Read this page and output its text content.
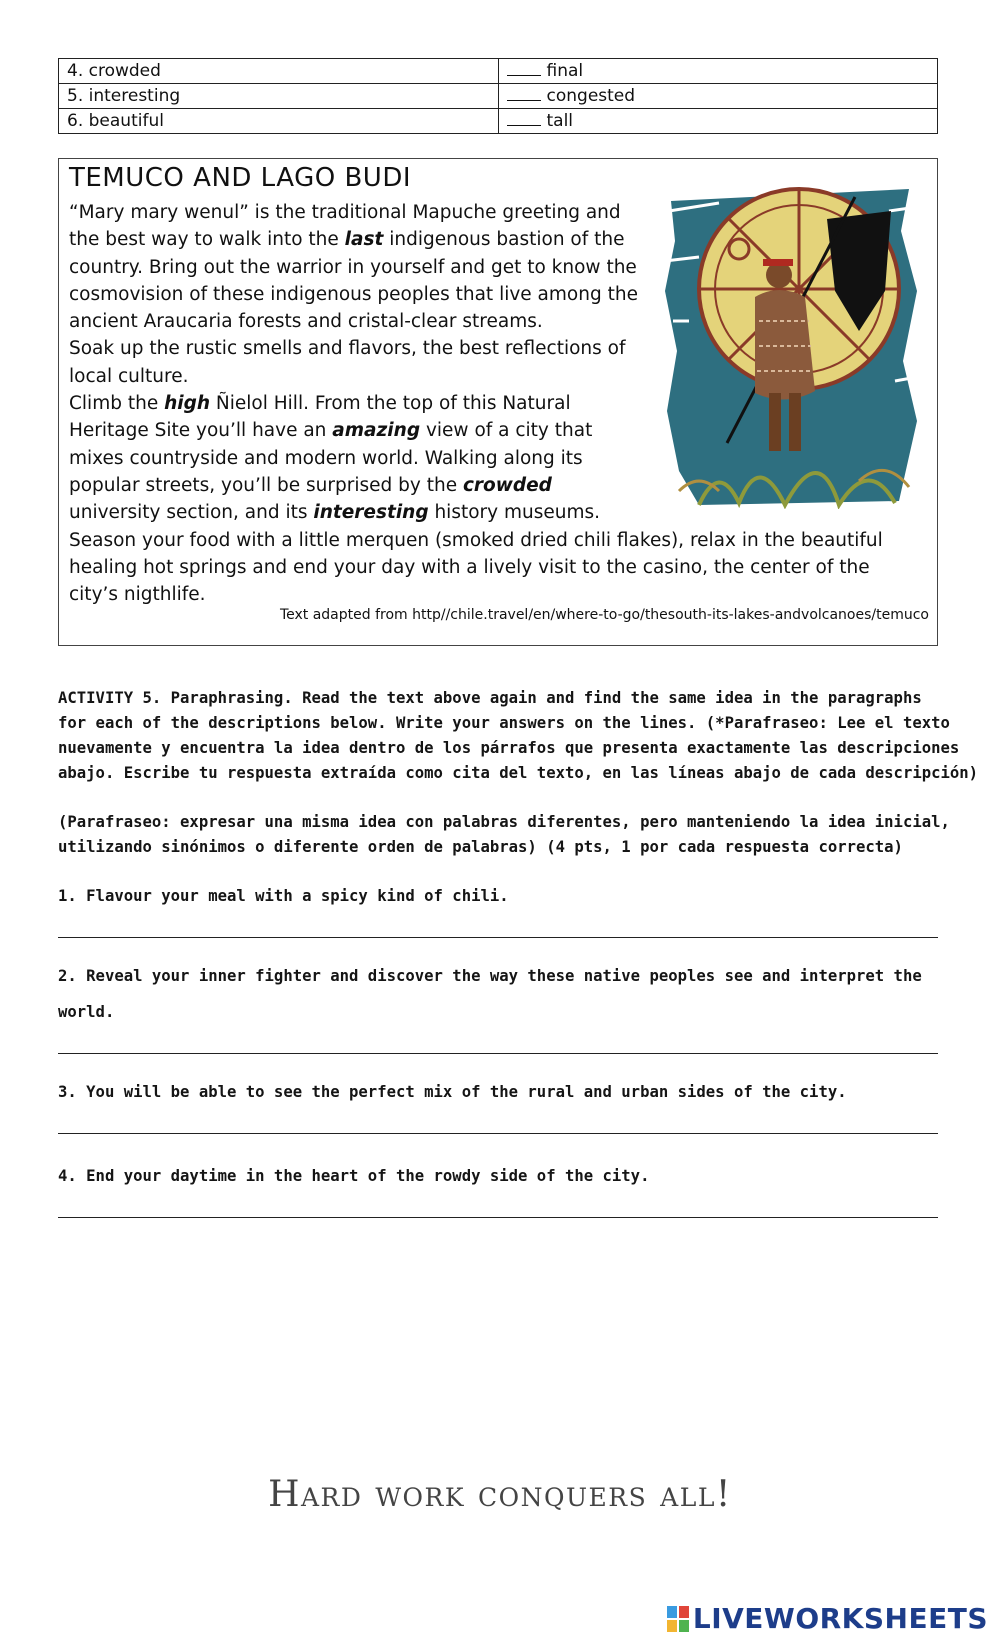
4. crowded	final
5. interesting	congested
6. beautiful	tall
TEMUCO AND LAGO BUDI

“Mary mary wenul” is the traditional Mapuche greeting and the best way to walk into the last indigenous bastion of the country. Bring out the warrior in yourself and get to know the cosmovision of these indigenous peoples that live among the ancient Araucaria forests and cristal-clear streams.

Soak up the rustic smells and flavors, the best reflections of local culture.

Climb the high Ñielol Hill. From the top of this Natural Heritage Site you’ll have an amazing view of a city that mixes countryside and modern world. Walking along its popular streets, you’ll be surprised by the crowded university section, and its interesting history museums.

Season your food with a little merquen (smoked dried chili flakes), relax in the beautiful healing hot springs and end your day with a lively visit to the casino, the center of the city’s nigthlife.

Text adapted from http//chile.travel/en/where-to-go/thesouth-its-lakes-andvolcanoes/temuco
ACTIVITY 5. Paraphrasing. Read the text above again and find the same idea in the paragraphs
for each of the descriptions below. Write your answers on the lines. (*Parafraseo: Lee el texto
nuevamente y encuentra la idea dentro de los párrafos que presenta exactamente las descripciones
abajo. Escribe tu respuesta extraída como cita del texto, en las líneas abajo de cada descripción)
(Parafraseo: expresar una misma idea con palabras diferentes, pero manteniendo la idea inicial,
utilizando sinónimos o diferente orden de palabras) (4 pts, 1 por cada respuesta correcta)
1. Flavour your meal with a spicy kind of chili.
2. Reveal your inner fighter and discover the way these native peoples see and interpret the
world.
3. You will be able to see the perfect mix of the rural and urban sides of the city.
4. End your daytime in the heart of the rowdy side of the city.
Hard work conquers all!
LIVEWORKSHEETS
